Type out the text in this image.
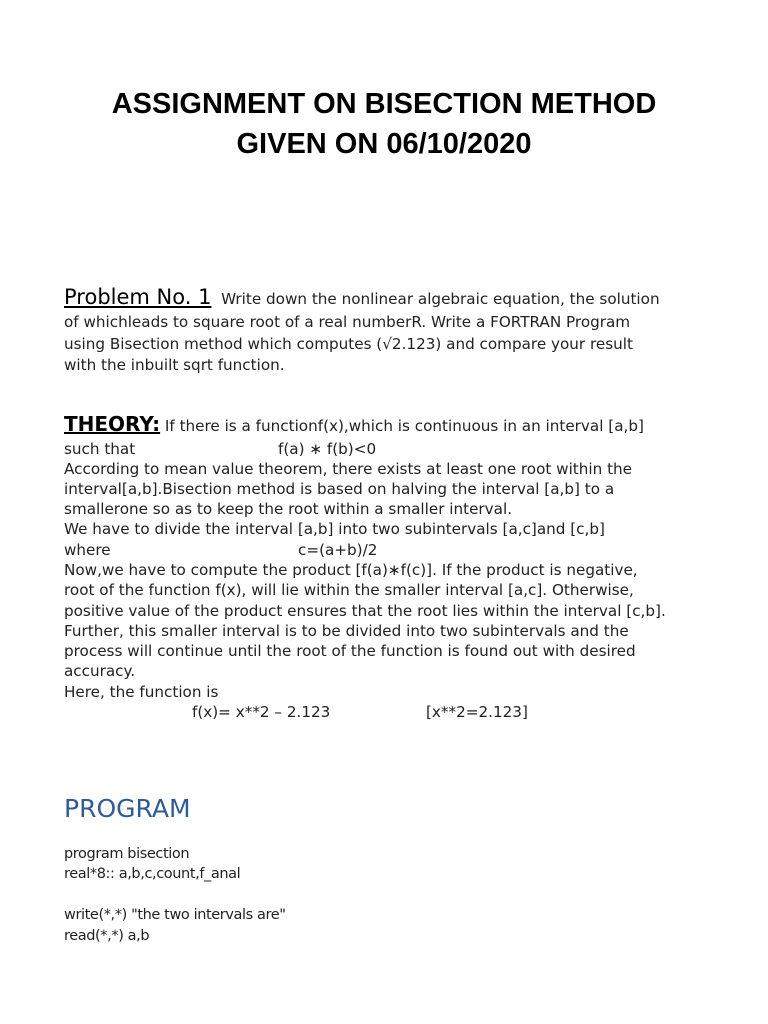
ASSIGNMENT ON BISECTION METHOD
GIVEN ON 06/10/2020
Problem No. 1 Write down the nonlinear algebraic equation, the solution
of whichleads to square root of a real numberR. Write a FORTRAN Program
using Bisection method which computes (√2.123) and compare your result
with the inbuilt sqrt function.
THEORY: If there is a functionf(x),which is continuous in an interval [a,b]
such that	f(a) ∗ f(b)<0
According to mean value theorem, there exists at least one root within the
interval[a,b].Bisection method is based on halving the interval [a,b] to a
smallerone so as to keep the root within a smaller interval.
We have to divide the interval [a,b] into two subintervals [a,c]and [c,b]
where	c=(a+b)/2
Now,we have to compute the product [f(a)∗f(c)]. If the product is negative,
root of the function f(x), will lie within the smaller interval [a,c]. Otherwise,
positive value of the product ensures that the root lies within the interval [c,b].
Further, this smaller interval is to be divided into two subintervals and the
process will continue until the root of the function is found out with desired
accuracy.
Here, the function is
f(x)= x**2 – 2.123	[x**2=2.123]
PROGRAM
program bisection
real*8:: a,b,c,count,f_anal
write(*,*) "the two intervals are"
read(*,*) a,b
